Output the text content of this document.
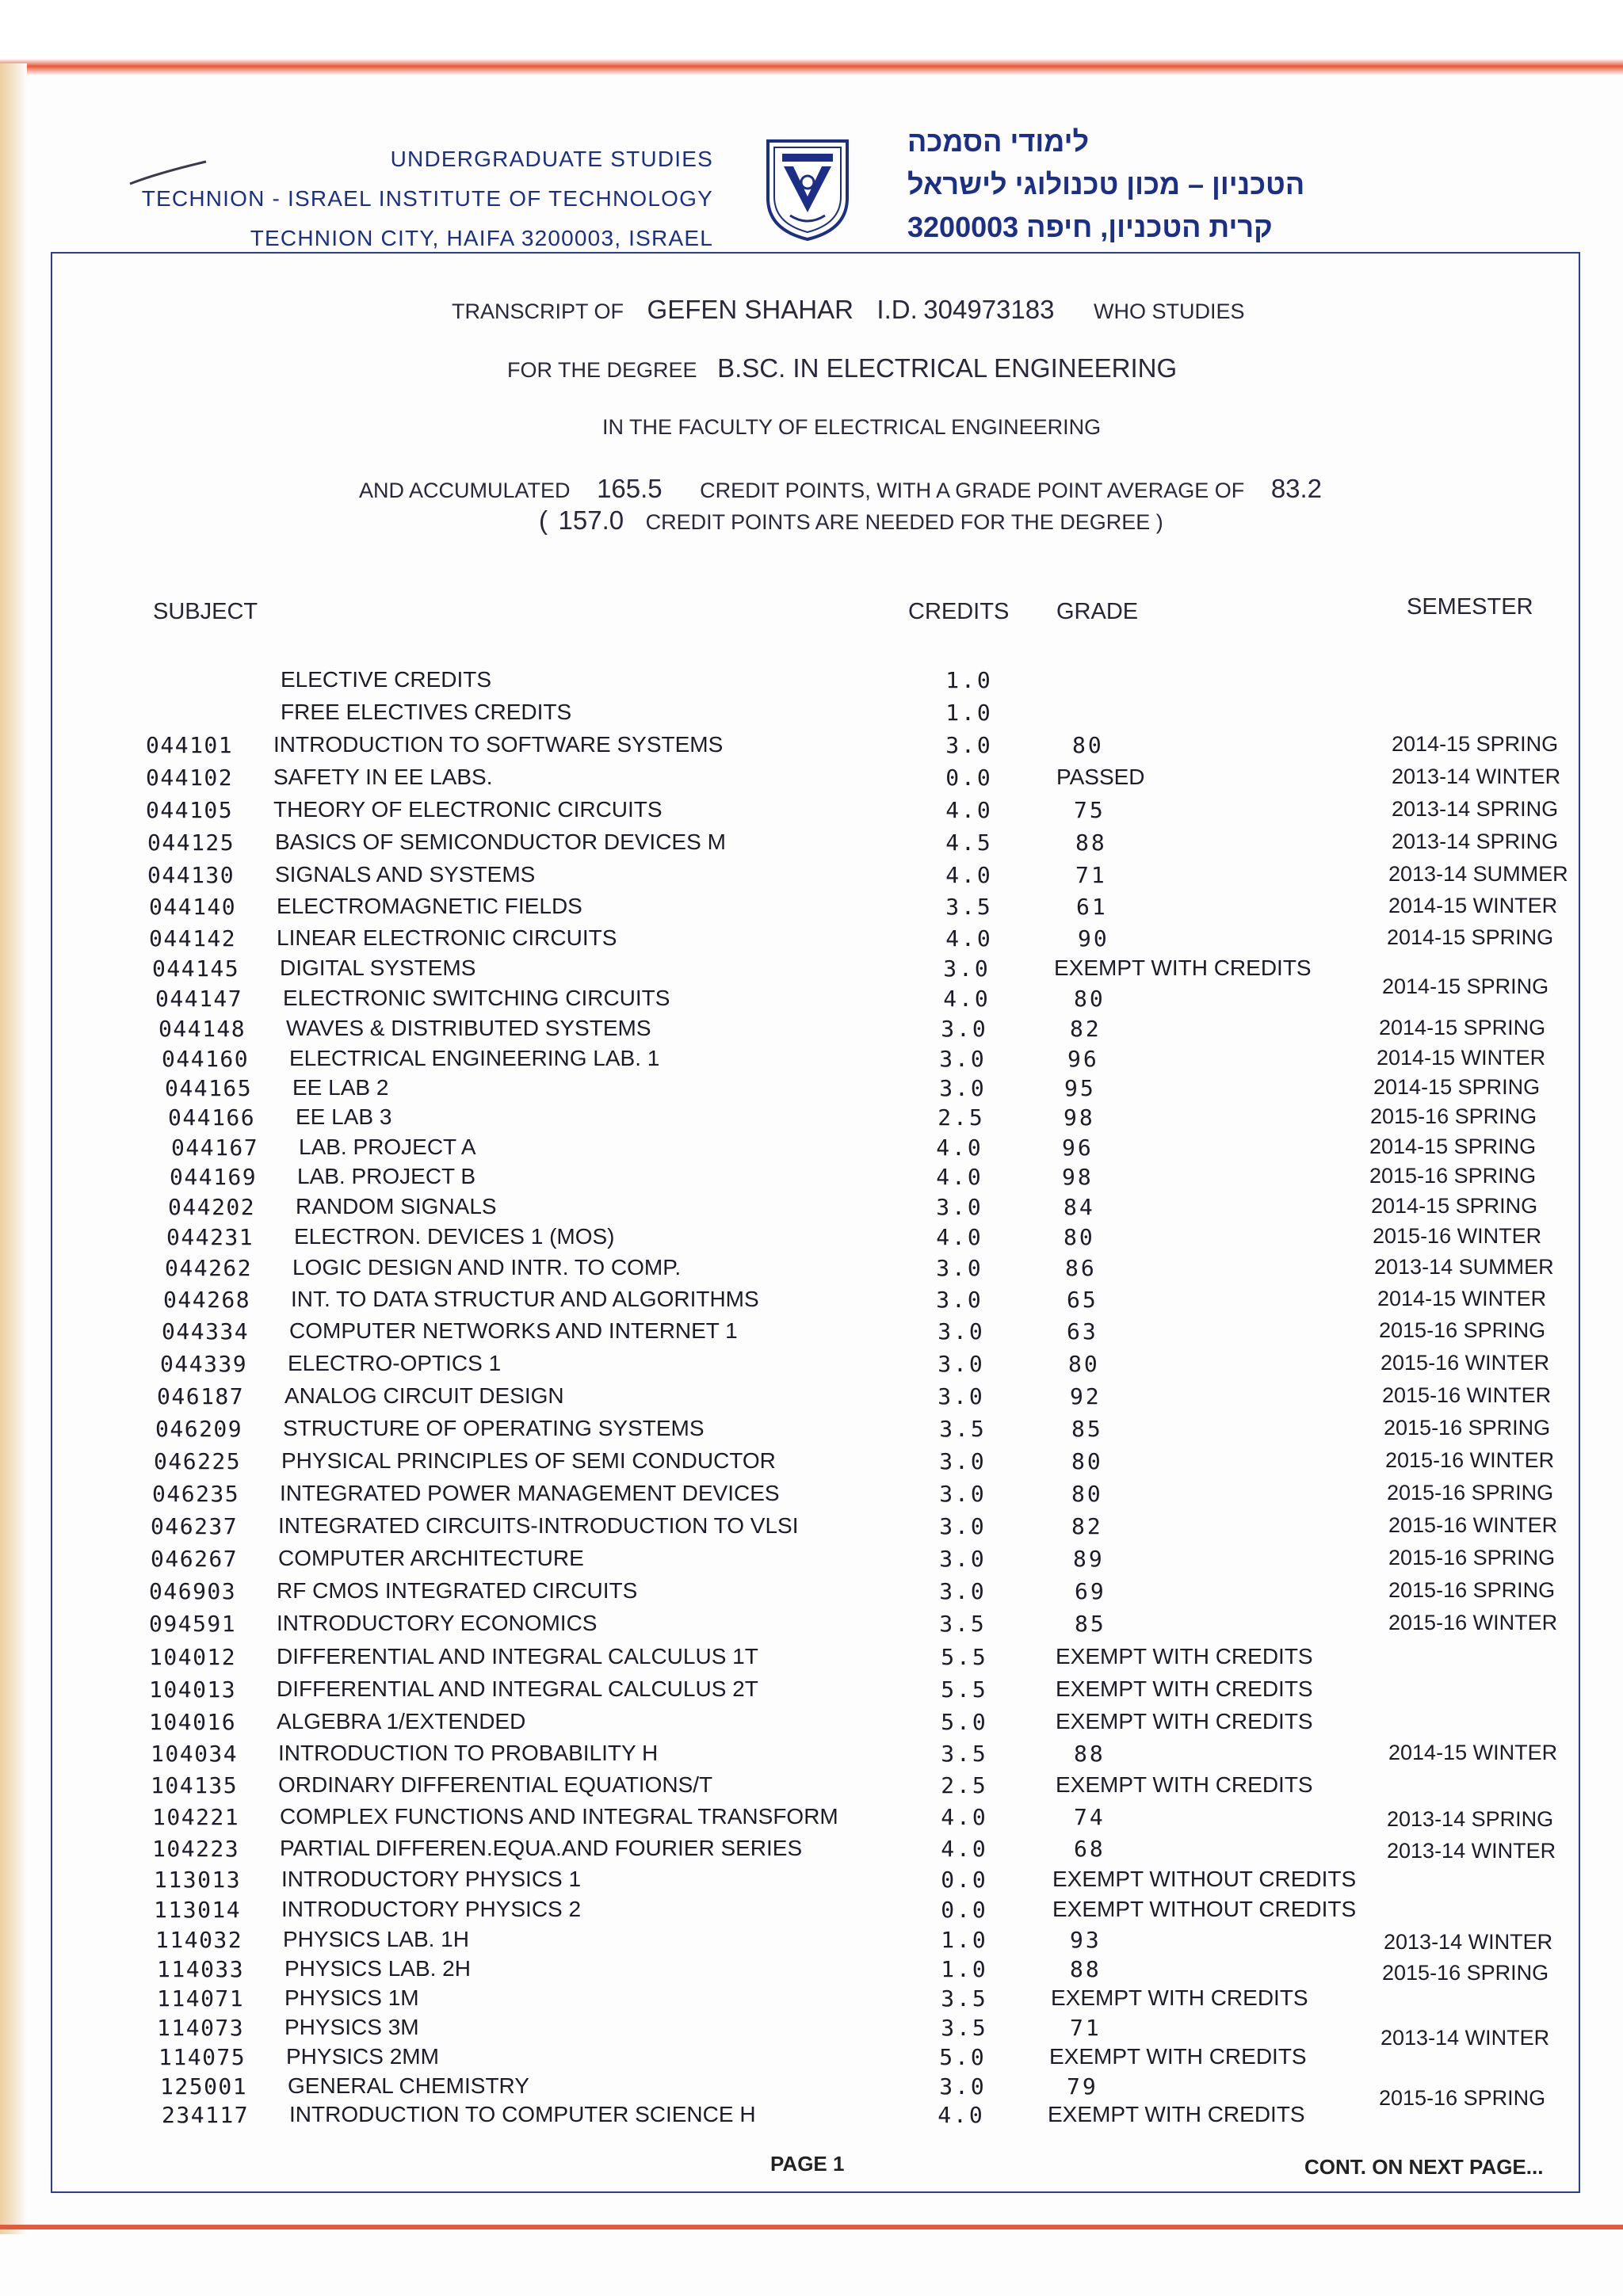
UNDERGRADUATE STUDIES
TECHNION - ISRAEL INSTITUTE OF TECHNOLOGY
TECHNION CITY, HAIFA 3200003, ISRAEL
לימודי הסמכה
הטכניון – מכון טכנולוגי לישראל
קרית הטכניון, חיפה 3200003
TRANSCRIPT OF GEFEN SHAHAR I.D. 304973183 WHO STUDIES
FOR THE DEGREE B.SC. IN ELECTRICAL ENGINEERING
IN THE FACULTY OF ELECTRICAL ENGINEERING
AND ACCUMULATED 165.5 CREDIT POINTS, WITH A GRADE POINT AVERAGE OF 83.2
( 157.0 CREDIT POINTS ARE NEEDED FOR THE DEGREE )
SUBJECT	CREDITS GRADE	SEMESTER
ELECTIVE CREDITS	1.0
FREE ELECTIVES CREDITS	1.0
044101	INTRODUCTION TO SOFTWARE SYSTEMS	3.0	80	2014-15 SPRING
044102	SAFETY IN EE LABS.	0.0	PASSED	2013-14 WINTER
044105	THEORY OF ELECTRONIC CIRCUITS	4.0	75	2013-14 SPRING
044125	BASICS OF SEMICONDUCTOR DEVICES M	4.5	88	2013-14 SPRING
044130	SIGNALS AND SYSTEMS	4.0	71	2013-14 SUMMER
044140	ELECTROMAGNETIC FIELDS	3.5	61	2014-15 WINTER
044142	LINEAR ELECTRONIC CIRCUITS	4.0	90	2014-15 SPRING
044145	DIGITAL SYSTEMS	3.0	EXEMPT WITH CREDITS
044147	ELECTRONIC SWITCHING CIRCUITS	4.0	80	2014-15 SPRING
044148	WAVES & DISTRIBUTED SYSTEMS	3.0	82	2014-15 SPRING
044160	ELECTRICAL ENGINEERING LAB. 1	3.0	96	2014-15 WINTER
044165	EE LAB 2	3.0	95	2014-15 SPRING
044166	EE LAB 3	2.5	98	2015-16 SPRING
044167	LAB. PROJECT A	4.0	96	2014-15 SPRING
044169	LAB. PROJECT B	4.0	98	2015-16 SPRING
044202	RANDOM SIGNALS	3.0	84	2014-15 SPRING
044231	ELECTRON. DEVICES 1 (MOS)	4.0	80	2015-16 WINTER
044262	LOGIC DESIGN AND INTR. TO COMP.	3.0	86	2013-14 SUMMER
044268	INT. TO DATA STRUCTUR AND ALGORITHMS	3.0	65	2014-15 WINTER
044334	COMPUTER NETWORKS AND INTERNET 1	3.0	63	2015-16 SPRING
044339	ELECTRO-OPTICS 1	3.0	80	2015-16 WINTER
046187	ANALOG CIRCUIT DESIGN	3.0	92	2015-16 WINTER
046209	STRUCTURE OF OPERATING SYSTEMS	3.5	85	2015-16 SPRING
046225	PHYSICAL PRINCIPLES OF SEMI CONDUCTOR	3.0	80	2015-16 WINTER
046235	INTEGRATED POWER MANAGEMENT DEVICES	3.0	80	2015-16 SPRING
046237	INTEGRATED CIRCUITS-INTRODUCTION TO VLSI	3.0	82	2015-16 WINTER
046267	COMPUTER ARCHITECTURE	3.0	89	2015-16 SPRING
046903	RF CMOS INTEGRATED CIRCUITS	3.0	69	2015-16 SPRING
094591	INTRODUCTORY ECONOMICS	3.5	85	2015-16 WINTER
104012	DIFFERENTIAL AND INTEGRAL CALCULUS 1T	5.5	EXEMPT WITH CREDITS
104013	DIFFERENTIAL AND INTEGRAL CALCULUS 2T	5.5	EXEMPT WITH CREDITS
104016	ALGEBRA 1/EXTENDED	5.0	EXEMPT WITH CREDITS
104034	INTRODUCTION TO PROBABILITY H	3.5	88	2014-15 WINTER
104135	ORDINARY DIFFERENTIAL EQUATIONS/T	2.5	EXEMPT WITH CREDITS
104221	COMPLEX FUNCTIONS AND INTEGRAL TRANSFORM	4.0	74	2013-14 SPRING
104223	PARTIAL DIFFEREN.EQUA.AND FOURIER SERIES	4.0	68	2013-14 WINTER
113013	INTRODUCTORY PHYSICS 1	0.0	EXEMPT WITHOUT CREDITS
113014	INTRODUCTORY PHYSICS 2	0.0	EXEMPT WITHOUT CREDITS
114032	PHYSICS LAB. 1H	1.0	93	2013-14 WINTER
114033	PHYSICS LAB. 2H	1.0	88	2015-16 SPRING
114071	PHYSICS 1M	3.5	EXEMPT WITH CREDITS
114073	PHYSICS 3M	3.5	71	2013-14 WINTER
114075	PHYSICS 2MM	5.0	EXEMPT WITH CREDITS
125001	GENERAL CHEMISTRY	3.0	79	2015-16 SPRING
234117	INTRODUCTION TO COMPUTER SCIENCE H	4.0	EXEMPT WITH CREDITS
PAGE 1	CONT. ON NEXT PAGE...
